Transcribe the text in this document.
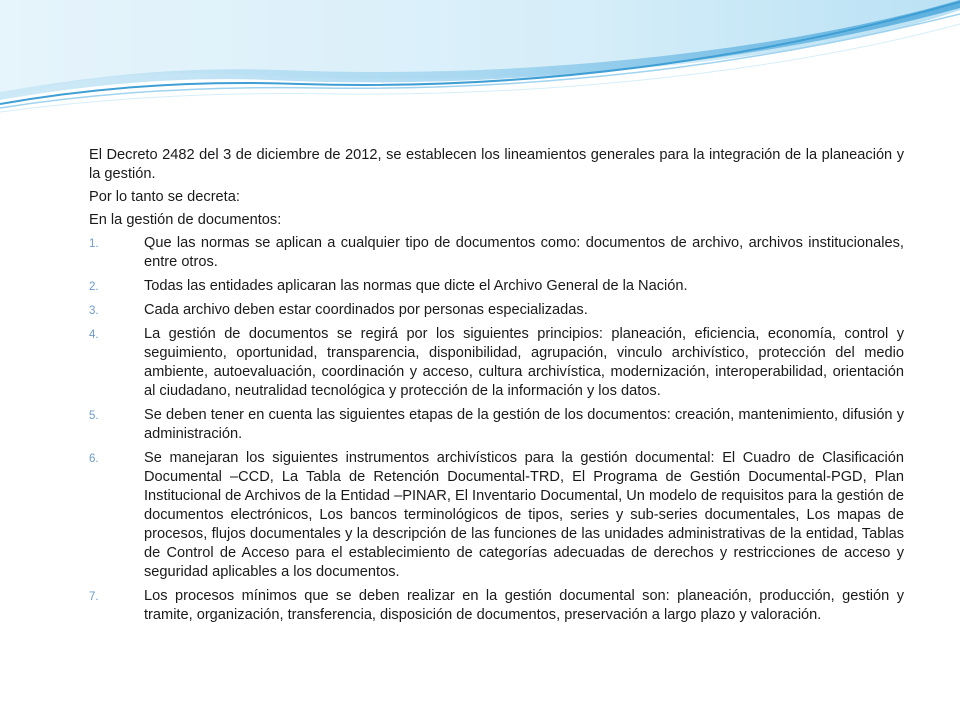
El Decreto 2482 del 3 de diciembre de 2012, se establecen los lineamientos generales para la integración de la planeación y la gestión.

Por lo tanto se decreta:

En la gestión de documentos:

1.	Que las normas se aplican a cualquier tipo de documentos como: documentos de archivo, archivos institucionales, entre otros.
2.	Todas las entidades aplicaran las normas que dicte el Archivo General de la Nación.
3.	Cada archivo deben estar coordinados por personas especializadas.
4.	La gestión de documentos se regirá por los siguientes principios: planeación, eficiencia, economía, control y seguimiento, oportunidad, transparencia, disponibilidad, agrupación, vinculo archivístico, protección del medio ambiente, autoevaluación, coordinación y acceso, cultura archivística, modernización, interoperabilidad, orientación al ciudadano, neutralidad tecnológica y protección de la información y los datos.
5.	Se deben tener en cuenta las siguientes etapas de la gestión de los documentos: creación, mantenimiento, difusión y administración.
6.	Se manejaran los siguientes instrumentos archivísticos para la gestión documental: El Cuadro de Clasificación Documental –CCD, La Tabla de Retención Documental-TRD, El Programa de Gestión Documental-PGD, Plan Institucional de Archivos de la Entidad –PINAR, El Inventario Documental, Un modelo de requisitos para la gestión de documentos electrónicos, Los bancos terminológicos de tipos, series y sub-series documentales, Los mapas de procesos, flujos documentales y la descripción de las funciones de las unidades administrativas de la entidad, Tablas de Control de Acceso para el establecimiento de categorías adecuadas de derechos y restricciones de acceso y seguridad aplicables a los documentos.
7.	Los procesos mínimos que se deben realizar en la gestión documental son: planeación, producción, gestión y tramite, organización, transferencia, disposición de documentos, preservación a largo plazo y valoración.
